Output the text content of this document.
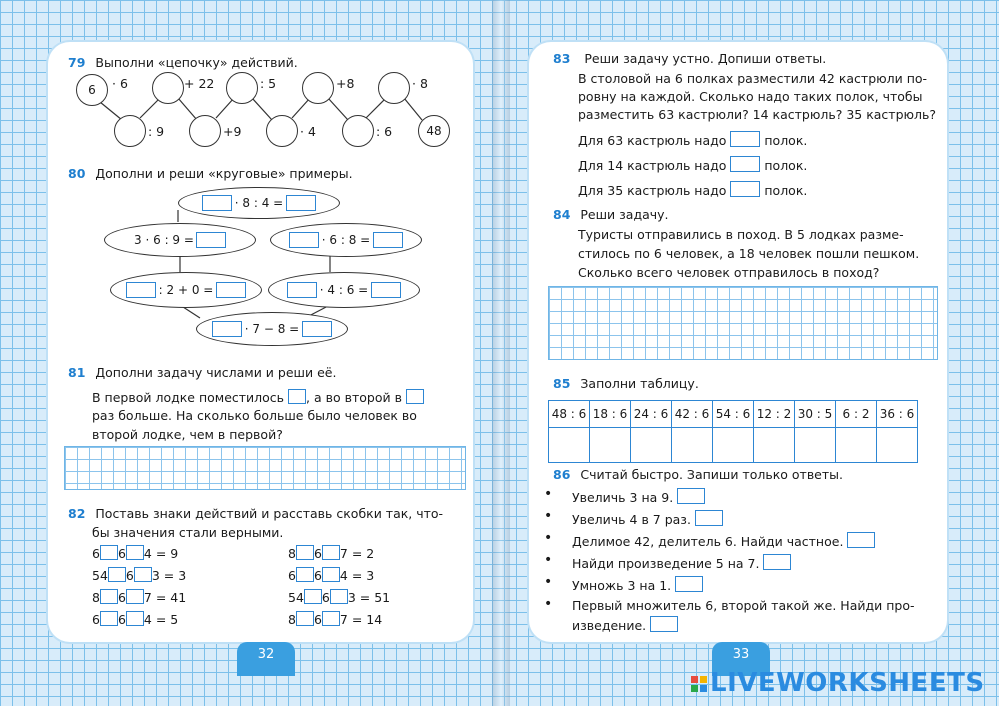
32
79 Выполни «цепочку» действий.
6
48
· 6	+ 22	: 5	+8	· 8
: 9	+9	· 4	: 6
80 Дополни и реши «круговые» примеры.
· 8 : 4 =
3 · 6 : 9 =	· 6 : 8 =
: 2 + 0 =	· 4 : 6 =
· 7 − 8 =
81 Дополни задачу числами и реши её.
В первой лодке поместилось , а во второй в
раз больше. На сколько больше было человек во
второй лодке, чем в первой?
82 Поставь знаки действий и расставь скобки так, что-
бы значения стали верными.
6 6 4 = 9
54 6 3 = 3
8 6 7 = 41
6 6 4 = 5
8 6 7 = 2
6 6 4 = 3
54 6 3 = 51
8 6 7 = 14
33
83 Реши задачу устно. Допиши ответы.
В столовой на 6 полках разместили 42 кастрюли по-
ровну на каждой. Сколько надо таких полок, чтобы
разместить 63 кастрюли? 14 кастрюль? 35 кастрюль?
Для 63 кастрюль надо	полок.
Для 14 кастрюль надо	полок.
Для 35 кастрюль надо	полок.
84 Реши задачу.
Туристы отправились в поход. В 5 лодках разме-
стилось по 6 человек, а 18 человек пошли пешком.
Сколько всего человек отправилось в поход?
85 Заполни таблицу.
48 : 6	18 : 6	24 : 6	42 : 6	54 : 6	12 : 2	30 : 5	6 : 2	36 : 6

86 Считай быстро. Запиши только ответы.
• Увеличь 3 на 9.
• Увеличь 4 в 7 раз.
• Делимое 42, делитель 6. Найди частное.
• Найди произведение 5 на 7.
• Умножь 3 на 1.
• Первый множитель 6, второй такой же. Найди про-
изведение.

LIVEWORKSHEETS
